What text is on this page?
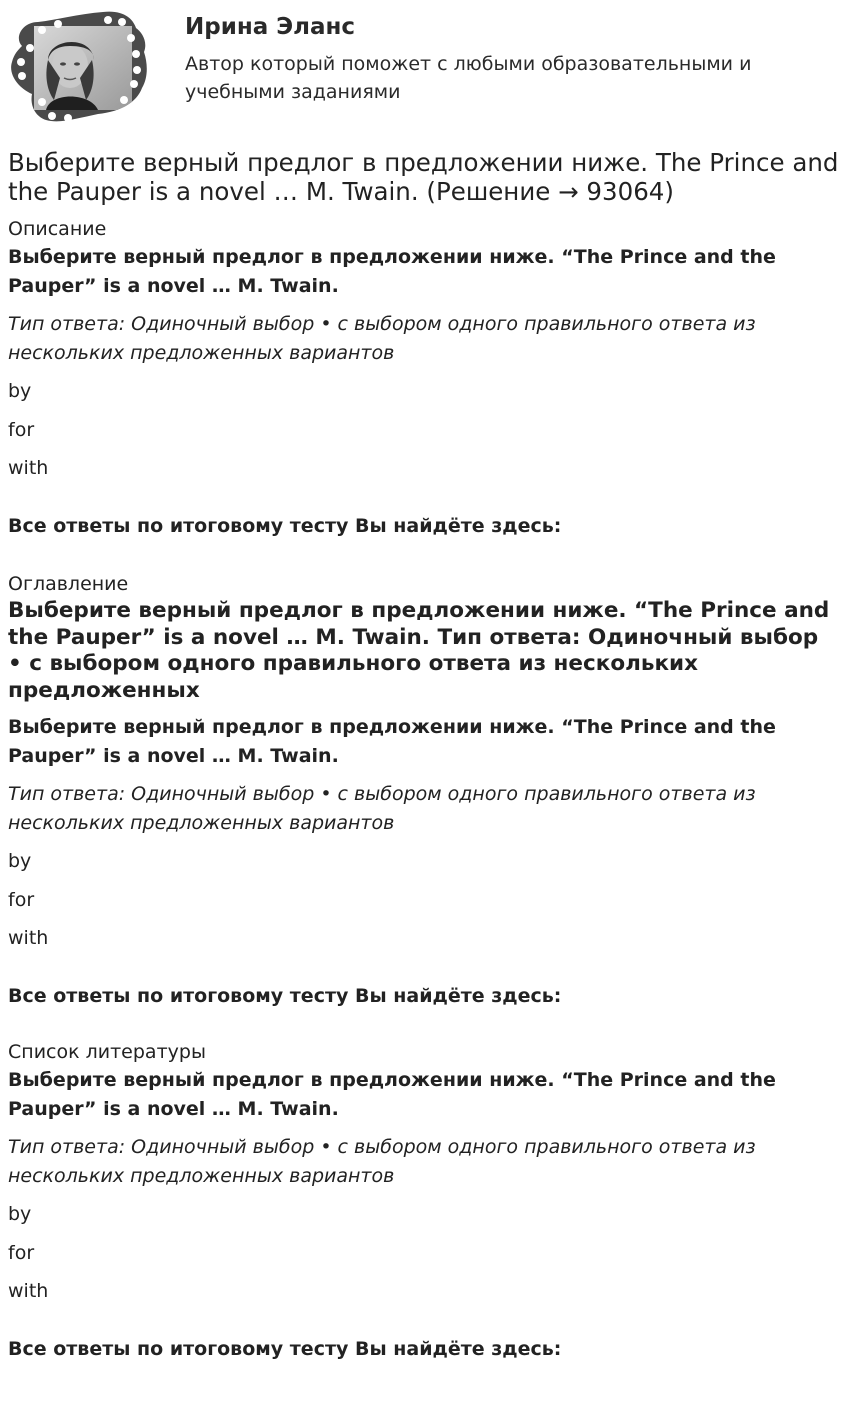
Ирина Эланс
Автор который поможет с любыми образовательными и учебными заданиями
Выберите верный предлог в предложении ниже. The Prince and the Pauper is a novel … M. Twain. (Решение → 93064)
Описание
Выберите верный предлог в предложении ниже. “The Prince and the Pauper” is a novel … M. Twain.
Тип ответа: Одиночный выбор • с выбором одного правильного ответа из нескольких предложенных вариантов
by
for
with
Все ответы по итоговому тесту Вы найдёте здесь:
Оглавление
Выберите верный предлог в предложении ниже. “The Prince and the Pauper” is a novel … M. Twain. Тип ответа: Одиночный выбор • с выбором одного правильного ответа из нескольких предложенных
Выберите верный предлог в предложении ниже. “The Prince and the Pauper” is a novel … M. Twain.
Тип ответа: Одиночный выбор • с выбором одного правильного ответа из нескольких предложенных вариантов
by
for
with
Все ответы по итоговому тесту Вы найдёте здесь:
Список литературы
Выберите верный предлог в предложении ниже. “The Prince and the Pauper” is a novel … M. Twain.
Тип ответа: Одиночный выбор • с выбором одного правильного ответа из нескольких предложенных вариантов
by
for
with
Все ответы по итоговому тесту Вы найдёте здесь:
